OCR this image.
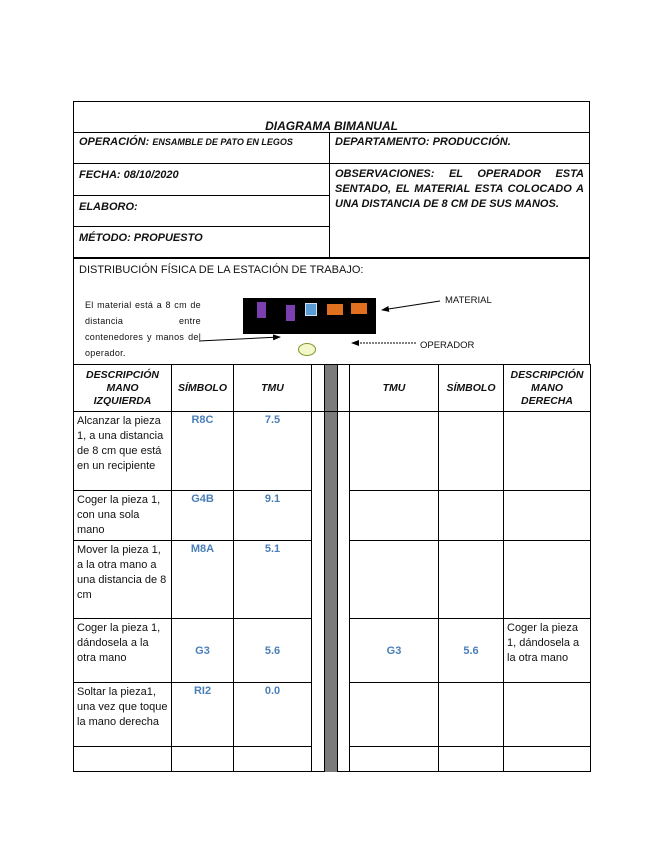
DIAGRAMA BIMANUAL
OPERACIÓN: ENSAMBLE DE PATO EN LEGOS
FECHA: 08/10/2020
ELABORO:
MÉTODO: PROPUESTO
DEPARTAMENTO: PRODUCCIÓN.
OBSERVACIONES: EL OPERADOR ESTA SENTADO, EL MATERIAL ESTA COLOCADO A UNA DISTANCIA DE 8 CM DE SUS MANOS.
DISTRIBUCIÓN FÍSICA DE LA ESTACIÓN DE TRABAJO:
El material está a 8 cm de distancia entre contenedores y manos del operador.
MATERIAL
OPERADOR
DESCRIPCIÓN MANO IZQUIERDA	SÍMBOLO	TMU				TMU	SÍMBOLO	DESCRIPCIÓN MANO DERECHA
Alcanzar la pieza 1, a una distancia de 8 cm que está en un recipiente	R8C	7.5						
Coger la pieza 1, con una sola mano	G4B	9.1						
Mover la pieza 1, a la otra mano a una distancia de 8 cm	M8A	5.1						
Coger la pieza 1, dándosela a la otra mano	G3	5.6				G3	5.6	Coger la pieza 1, dándosela a la otra mano
Soltar la pieza1, una vez que toque la mano derecha	RI2	0.0						
